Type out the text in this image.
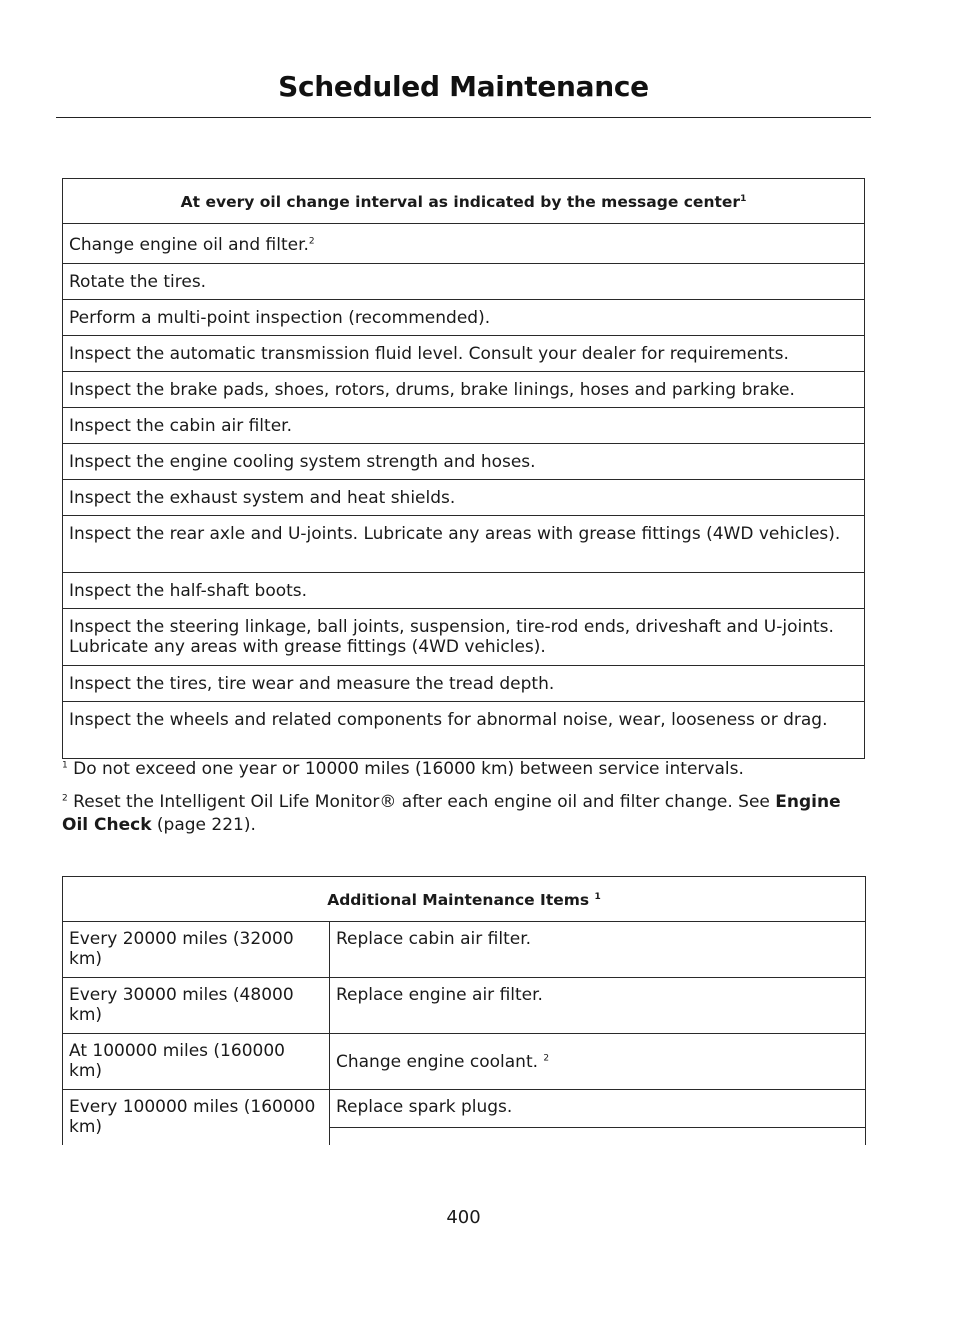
Scheduled Maintenance
At every oil change interval as indicated by the message center$^1$
Change engine oil and filter.$^2$
Rotate the tires.
Perform a multi-point inspection (recommended).
Inspect the automatic transmission fluid level. Consult your dealer for requirements.
Inspect the brake pads, shoes, rotors, drums, brake linings, hoses and parking brake.
Inspect the cabin air filter.
Inspect the engine cooling system strength and hoses.
Inspect the exhaust system and heat shields.
Inspect the rear axle and U-joints. Lubricate any areas with grease fittings (4WD vehicles).
Inspect the half-shaft boots.
Inspect the steering linkage, ball joints, suspension, tire-rod ends, driveshaft and U-joints. Lubricate any areas with grease fittings (4WD vehicles).
Inspect the tires, tire wear and measure the tread depth.
Inspect the wheels and related components for abnormal noise, wear, looseness or drag.
$^1$ Do not exceed one year or 10000 miles (16000 km) between service intervals.
$^2$ Reset the Intelligent Oil Life Monitor® after each engine oil and filter change. See Engine Oil Check (page 221).
Additional Maintenance Items $^1$
Every 20000 miles (32000 km)	Replace cabin air filter.
Every 30000 miles (48000 km)	Replace engine air filter.
At 100000 miles (160000 km)	Change engine coolant. $^2$
Every 100000 miles (160000 km)	Replace spark plugs.

400
